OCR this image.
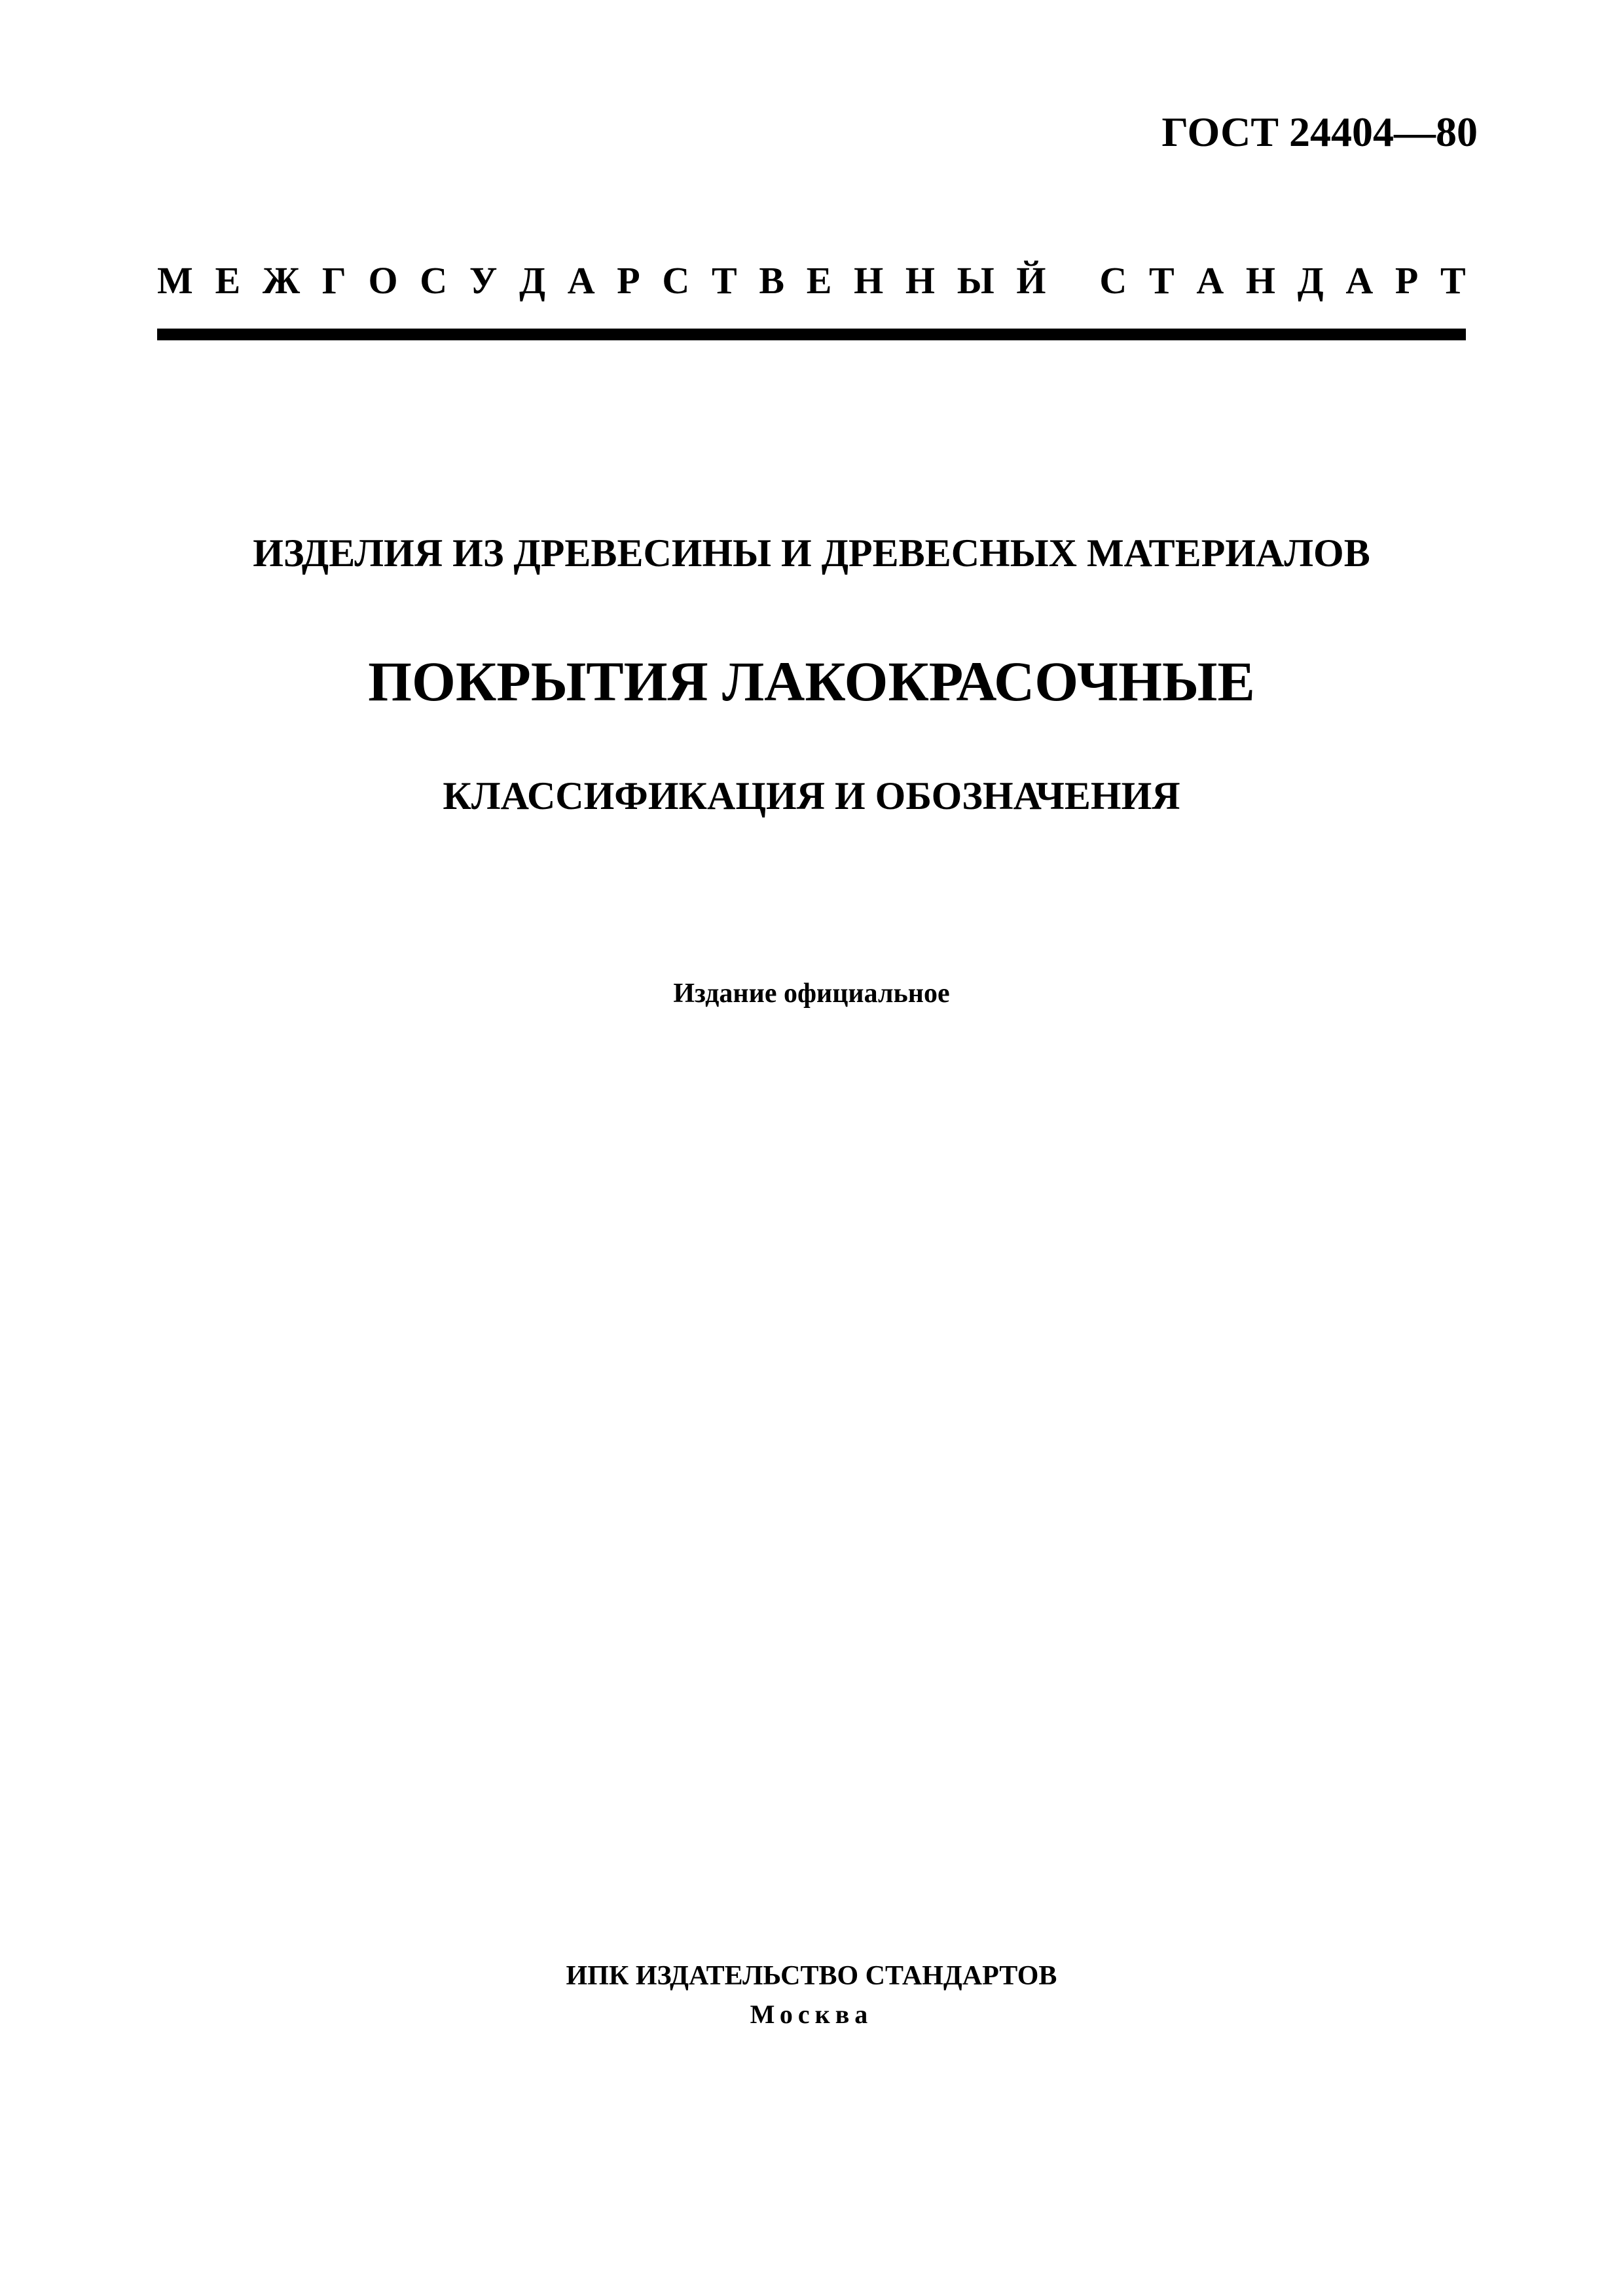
ГОСТ 24404—80
М Е Ж Г О С У Д А Р С Т В Е Н Н Ы Й
С Т А Н Д А Р Т
ИЗДЕЛИЯ ИЗ ДРЕВЕСИНЫ И ДРЕВЕСНЫХ МАТЕРИАЛОВ
ПОКРЫТИЯ ЛАКОКРАСОЧНЫЕ
КЛАССИФИКАЦИЯ И ОБОЗНАЧЕНИЯ
Издание официальное
ИПК ИЗДАТЕЛЬСТВО СТАНДАРТОВ
Москва
